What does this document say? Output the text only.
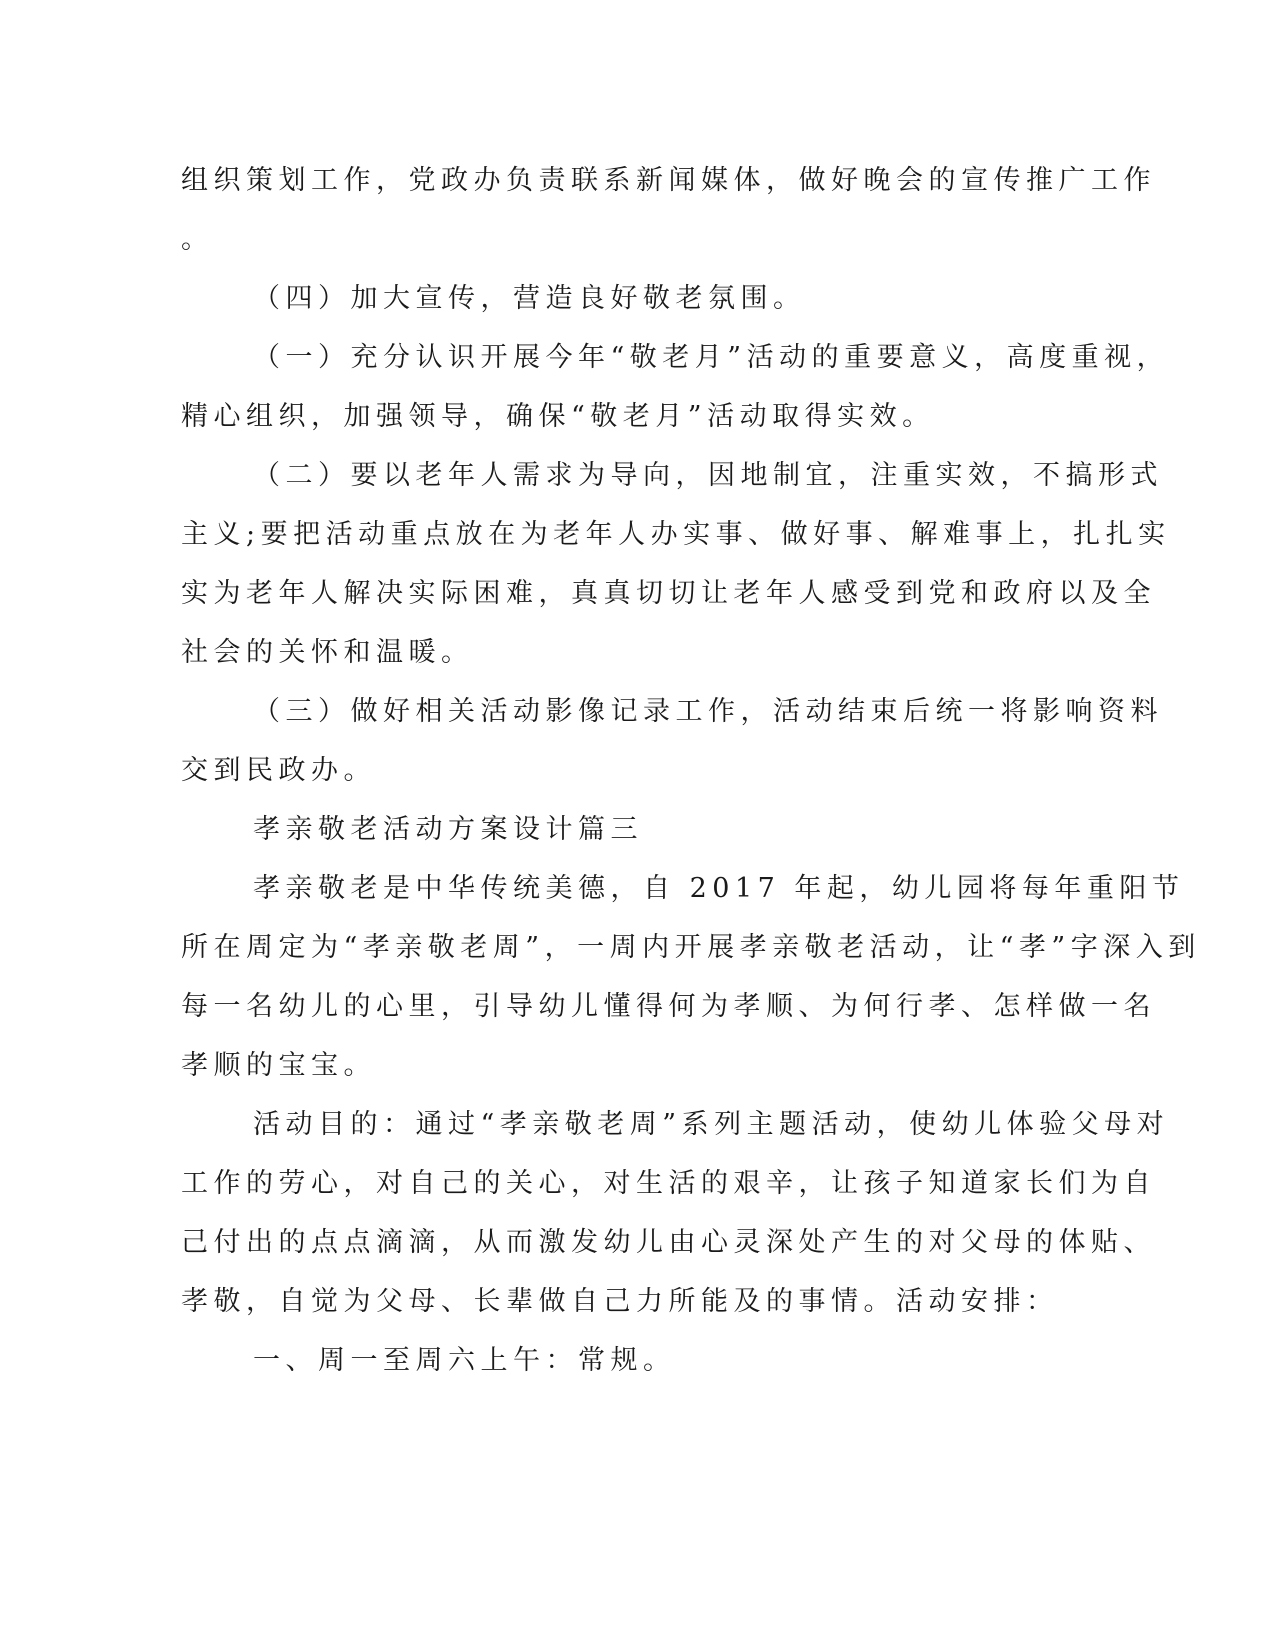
组织策划工作，党政办负责联系新闻媒体，做好晚会的宣传推广工作
。
（四）加大宣传，营造良好敬老氛围。
（一）充分认识开展今年“敬老月”活动的重要意义，高度重视，
精心组织，加强领导，确保“敬老月”活动取得实效。
（二）要以老年人需求为导向，因地制宜，注重实效，不搞形式
主义;要把活动重点放在为老年人办实事、做好事、解难事上，扎扎实
实为老年人解决实际困难，真真切切让老年人感受到党和政府以及全
社会的关怀和温暖。
（三）做好相关活动影像记录工作，活动结束后统一将影响资料
交到民政办。
孝亲敬老活动方案设计篇三
孝亲敬老是中华传统美德，自 2017 年起，幼儿园将每年重阳节
所在周定为“孝亲敬老周”，一周内开展孝亲敬老活动，让“孝”字深入到
每一名幼儿的心里，引导幼儿懂得何为孝顺、为何行孝、怎样做一名
孝顺的宝宝。
活动目的：通过“孝亲敬老周”系列主题活动，使幼儿体验父母对
工作的劳心，对自己的关心，对生活的艰辛，让孩子知道家长们为自
己付出的点点滴滴，从而激发幼儿由心灵深处产生的对父母的体贴、
孝敬，自觉为父母、长辈做自己力所能及的事情。活动安排：
一、周一至周六上午：常规。
